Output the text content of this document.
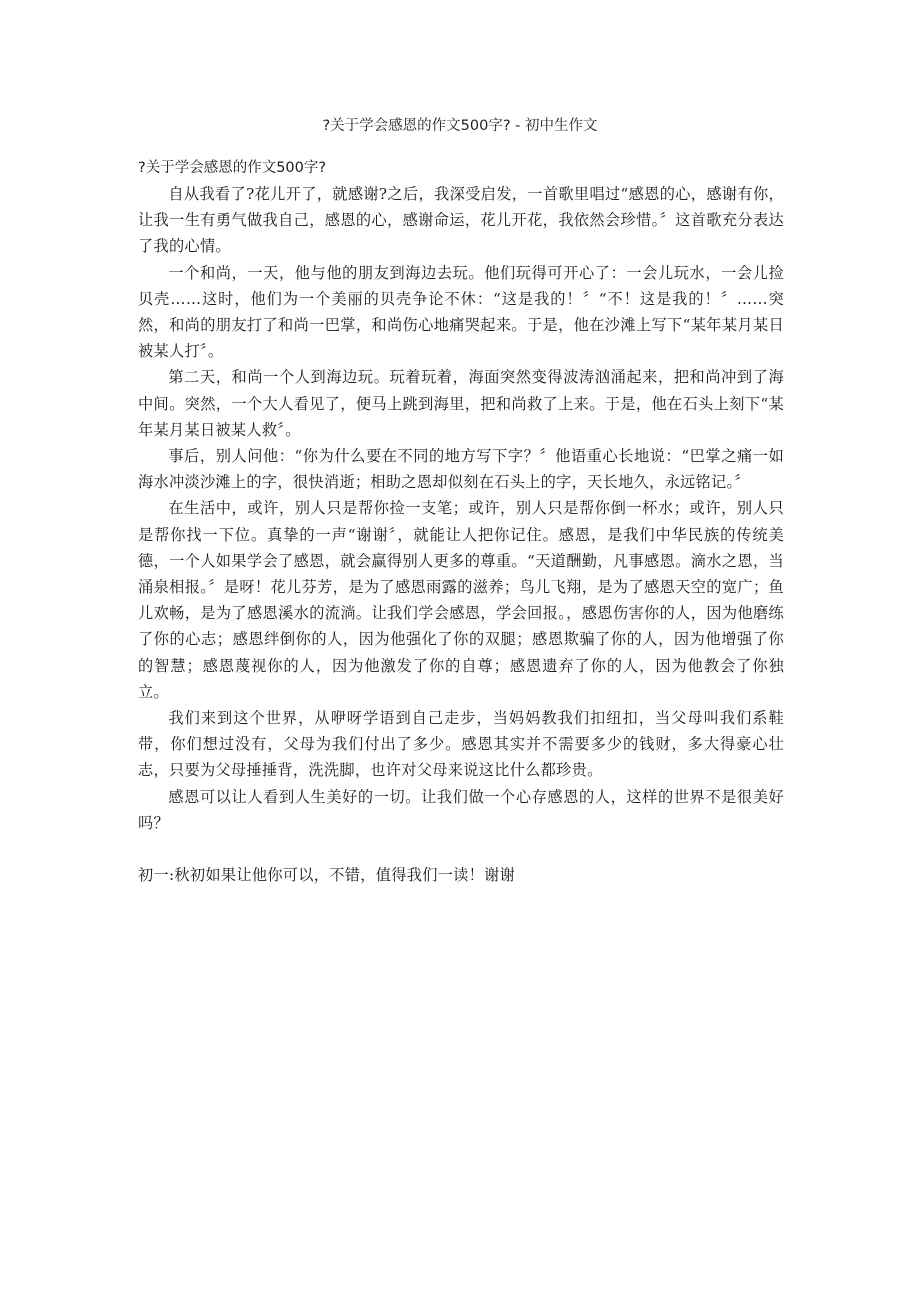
?关于学会感恩的作文500字? - 初中生作文

?关于学会感恩的作文500字?

自从我看了?花儿开了，就感谢?之后，我深受启发，一首歌里唱过“感恩的心，感谢有你，让我一生有勇气做我自己，感恩的心，感谢命运，花儿开花，我依然会珍惜。〞这首歌充分表达了我的心情。

一个和尚，一天，他与他的朋友到海边去玩。他们玩得可开心了：一会儿玩水，一会儿捡贝壳……这时，他们为一个美丽的贝壳争论不休：“这是我的！〞“不！这是我的！〞……突然，和尚的朋友打了和尚一巴掌，和尚伤心地痛哭起来。于是，他在沙滩上写下“某年某月某日被某人打〞。

第二天，和尚一个人到海边玩。玩着玩着，海面突然变得波涛汹涌起来，把和尚冲到了海中间。突然，一个大人看见了，便马上跳到海里，把和尚救了上来。于是，他在石头上刻下“某年某月某日被某人救〞。

事后，别人问他：“你为什么要在不同的地方写下字？〞他语重心长地说：“巴掌之痛一如海水冲淡沙滩上的字，很快消逝；相助之恩却似刻在石头上的字，天长地久，永远铭记。〞

在生活中，或许，别人只是帮你捡一支笔；或许，别人只是帮你倒一杯水；或许，别人只是帮你找一下位。真挚的一声“谢谢〞，就能让人把你记住。感恩，是我们中华民族的传统美德，一个人如果学会了感恩，就会赢得别人更多的尊重。“天道酬勤，凡事感恩。滴水之恩，当涌泉相报。〞是呀！花儿芬芳，是为了感恩雨露的滋养；鸟儿飞翔，是为了感恩天空的宽广；鱼儿欢畅，是为了感恩溪水的流淌。让我们学会感恩，学会回报。，感恩伤害你的人，因为他磨练了你的心志；感恩绊倒你的人，因为他强化了你的双腿；感恩欺骗了你的人，因为他增强了你的智慧；感恩蔑视你的人，因为他激发了你的自尊；感恩遗弃了你的人，因为他教会了你独立。

我们来到这个世界，从咿呀学语到自己走步，当妈妈教我们扣纽扣，当父母叫我们系鞋带，你们想过没有，父母为我们付出了多少。感恩其实并不需要多少的钱财，多大得豪心壮志，只要为父母捶捶背，洗洗脚，也许对父母来说这比什么都珍贵。

感恩可以让人看到人生美好的一切。让我们做一个心存感恩的人，这样的世界不是很美好吗？

初一:秋初如果让他你可以，不错，值得我们一读！谢谢
